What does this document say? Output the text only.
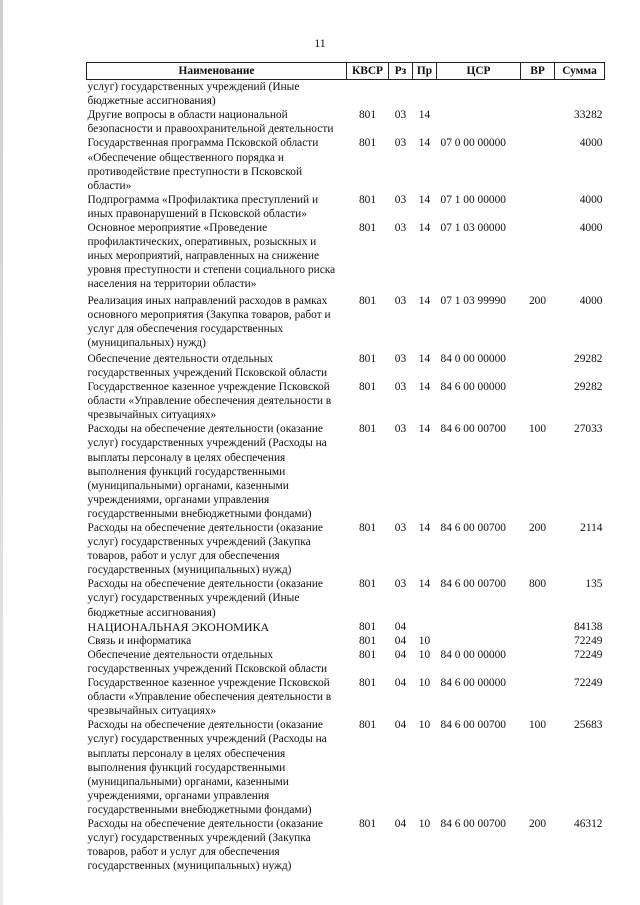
11
Наименование	КВСР	Рз	Пр	ЦСР	ВР	Сумма
услуг) государственных учреждений (Иные бюджетные ассигнования)						
Другие вопросы в области национальной безопасности и правоохранительной деятельности	801	03	14			33282
Государственная программа Псковской области «Обеспечение общественного порядка и противодействие преступности в Псковской области»	801	03	14	07 0 00 00000		4000
Подпрограмма «Профилактика преступлений и иных правонарушений в Псковской области»	801	03	14	07 1 00 00000		4000
Основное мероприятие «Проведение профилактических, оперативных, розыскных и иных мероприятий, направленных на снижение уровня преступности и степени социального риска населения на территории области»	801	03	14	07 1 03 00000		4000
Реализация иных направлений расходов в рамках основного мероприятия (Закупка товаров, работ и услуг для обеспечения государственных (муниципальных) нужд)	801	03	14	07 1 03 99990	200	4000
Обеспечение деятельности отдельных государственных учреждений Псковской области	801	03	14	84 0 00 00000		29282
Государственное казенное учреждение Псковской области «Управление обеспечения деятельности в чрезвычайных ситуациях»	801	03	14	84 6 00 00000		29282
Расходы на обеспечение деятельности (оказание услуг) государственных учреждений (Расходы на выплаты персоналу в целях обеспечения выполнения функций государственными (муниципальными) органами, казенными учреждениями, органами управления государственными внебюджетными фондами)	801	03	14	84 6 00 00700	100	27033
Расходы на обеспечение деятельности (оказание услуг) государственных учреждений (Закупка товаров, работ и услуг для обеспечения государственных (муниципальных) нужд)	801	03	14	84 6 00 00700	200	2114
Расходы на обеспечение деятельности (оказание услуг) государственных учреждений (Иные бюджетные ассигнования)	801	03	14	84 6 00 00700	800	135
НАЦИОНАЛЬНАЯ ЭКОНОМИКА	801	04				84138
Связь и информатика	801	04	10			72249
Обеспечение деятельности отдельных государственных учреждений Псковской области	801	04	10	84 0 00 00000		72249
Государственное казенное учреждение Псковской области «Управление обеспечения деятельности в чрезвычайных ситуациях»	801	04	10	84 6 00 00000		72249
Расходы на обеспечение деятельности (оказание услуг) государственных учреждений (Расходы на выплаты персоналу в целях обеспечения выполнения функций государственными (муниципальными) органами, казенными учреждениями, органами управления государственными внебюджетными фондами)	801	04	10	84 6 00 00700	100	25683
Расходы на обеспечение деятельности (оказание услуг) государственных учреждений (Закупка товаров, работ и услуг для обеспечения государственных (муниципальных) нужд)	801	04	10	84 6 00 00700	200	46312
